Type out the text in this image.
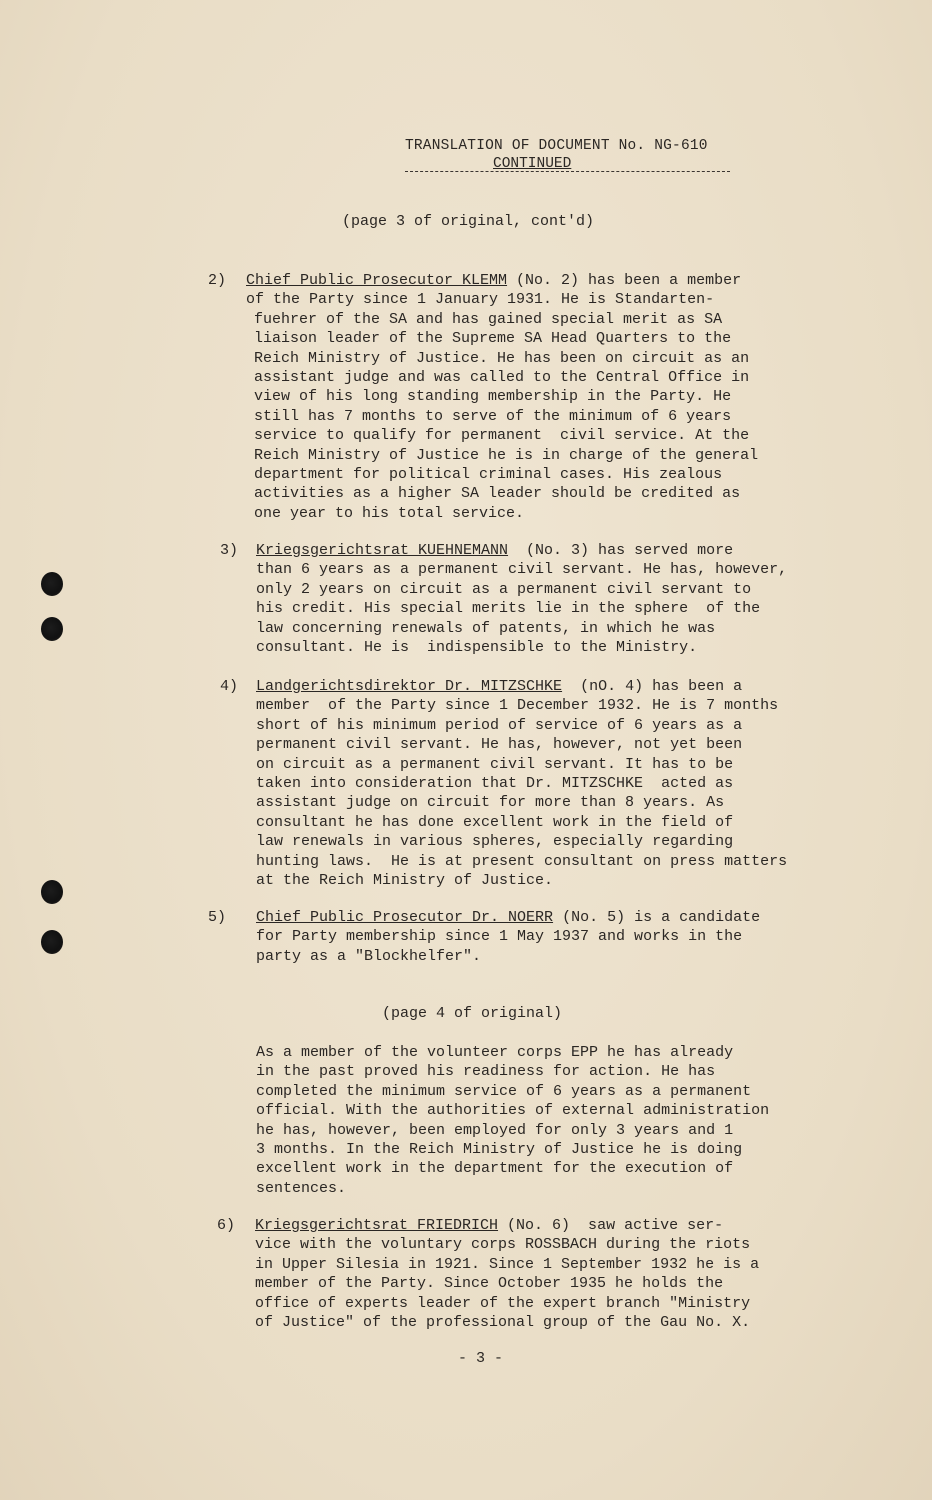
TRANSLATION OF DOCUMENT No. NG-610
CONTINUED
(page 3 of original, cont'd)
2)	Chief Public Prosecutor KLEMM (No. 2) has been a member
of the Party since 1 January 1931. He is Standarten-
fuehrer of the SA and has gained special merit as SA
liaison leader of the Supreme SA Head Quarters to the
Reich Ministry of Justice. He has been on circuit as an
assistant judge and was called to the Central Office in
view of his long standing membership in the Party. He
still has 7 months to serve of the minimum of 6 years
service to qualify for permanent  civil service. At the
Reich Ministry of Justice he is in charge of the general
department for political criminal cases. His zealous
activities as a higher SA leader should be credited as
one year to his total service.
3)	Kriegsgerichtsrat KUEHNEMANN  (No. 3) has served more
than 6 years as a permanent civil servant. He has, however,
only 2 years on circuit as a permanent civil servant to
his credit. His special merits lie in the sphere  of the
law concerning renewals of patents, in which he was
consultant. He is  indispensible to the Ministry.
4)	Landgerichtsdirektor Dr. MITZSCHKE  (nO. 4) has been a
member  of the Party since 1 December 1932. He is 7 months
short of his minimum period of service of 6 years as a
permanent civil servant. He has, however, not yet been
on circuit as a permanent civil servant. It has to be
taken into consideration that Dr. MITZSCHKE  acted as
assistant judge on circuit for more than 8 years. As
consultant he has done excellent work in the field of
law renewals in various spheres, especially regarding
hunting laws.  He is at present consultant on press matters
at the Reich Ministry of Justice.
5)	Chief Public Prosecutor Dr. NOERR (No. 5) is a candidate
for Party membership since 1 May 1937 and works in the
party as a "Blockhelfer".
(page 4 of original)
As a member of the volunteer corps EPP he has already
in the past proved his readiness for action. He has
completed the minimum service of 6 years as a permanent
official. With the authorities of external administration
he has, however, been employed for only 3 years and 1
3 months. In the Reich Ministry of Justice he is doing
excellent work in the department for the execution of
sentences.
6)	Kriegsgerichtsrat FRIEDRICH (No. 6)  saw active ser-
vice with the voluntary corps ROSSBACH during the riots
in Upper Silesia in 1921. Since 1 September 1932 he is a
member of the Party. Since October 1935 he holds the
office of experts leader of the expert branch "Ministry
of Justice" of the professional group of the Gau No. X.
- 3 -
